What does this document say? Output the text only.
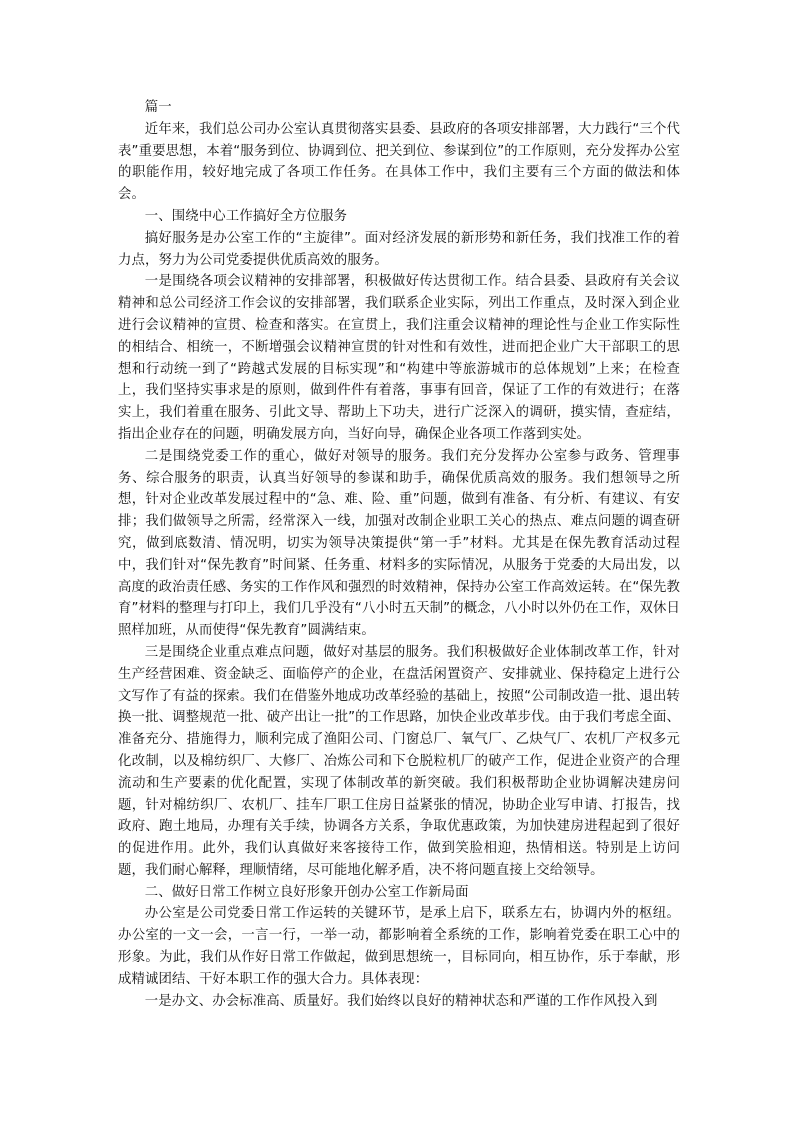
篇一

近年来，我们总公司办公室认真贯彻落实县委、县政府的各项安排部署，大力践行“三个代表”重要思想，本着“服务到位、协调到位、把关到位、参谋到位”的工作原则，充分发挥办公室的职能作用，较好地完成了各项工作任务。在具体工作中，我们主要有三个方面的做法和体会。

一、围绕中心工作搞好全方位服务

搞好服务是办公室工作的“主旋律”。面对经济发展的新形势和新任务，我们找准工作的着力点，努力为公司党委提供优质高效的服务。

一是围绕各项会议精神的安排部署，积极做好传达贯彻工作。结合县委、县政府有关会议精神和总公司经济工作会议的安排部署，我们联系企业实际，列出工作重点，及时深入到企业进行会议精神的宣贯、检查和落实。在宣贯上，我们注重会议精神的理论性与企业工作实际性的相结合、相统一，不断增强会议精神宣贯的针对性和有效性，进而把企业广大干部职工的思想和行动统一到了“跨越式发展的目标实现”和“构建中等旅游城市的总体规划”上来；在检查上，我们坚持实事求是的原则，做到件件有着落，事事有回音，保证了工作的有效进行；在落实上，我们着重在服务、引此文导、帮助上下功夫，进行广泛深入的调研，摸实情，查症结，指出企业存在的问题，明确发展方向，当好向导，确保企业各项工作落到实处。

二是围绕党委工作的重心，做好对领导的服务。我们充分发挥办公室参与政务、管理事务、综合服务的职责，认真当好领导的参谋和助手，确保优质高效的服务。我们想领导之所想，针对企业改革发展过程中的“急、难、险、重”问题，做到有准备、有分析、有建议、有安排；我们做领导之所需，经常深入一线，加强对改制企业职工关心的热点、难点问题的调查研究，做到底数清、情况明，切实为领导决策提供“第一手”材料。尤其是在保先教育活动过程中，我们针对“保先教育”时间紧、任务重、材料多的实际情况，从服务于党委的大局出发，以高度的政治责任感、务实的工作作风和强烈的时效精神，保持办公室工作高效运转。在“保先教育”材料的整理与打印上，我们几乎没有“八小时五天制”的概念，八小时以外仍在工作，双休日照样加班，从而使得“保先教育”圆满结束。

三是围绕企业重点难点问题，做好对基层的服务。我们积极做好企业体制改革工作，针对生产经营困难、资金缺乏、面临停产的企业，在盘活闲置资产、安排就业、保持稳定上进行公文写作了有益的探索。我们在借鉴外地成功改革经验的基础上，按照“公司制改造一批、退出转换一批、调整规范一批、破产出让一批”的工作思路，加快企业改革步伐。由于我们考虑全面、准备充分、措施得力，顺利完成了渔阳公司、门窗总厂、氧气厂、乙炔气厂、农机厂产权多元化改制，以及棉纺织厂、大修厂、冶炼公司和下仓脱粒机厂的破产工作，促进企业资产的合理流动和生产要素的优化配置，实现了体制改革的新突破。我们积极帮助企业协调解决建房问题，针对棉纺织厂、农机厂、挂车厂职工住房日益紧张的情况，协助企业写申请、打报告，找政府、跑土地局，办理有关手续，协调各方关系，争取优惠政策，为加快建房进程起到了很好的促进作用。此外，我们认真做好来客接待工作，做到笑脸相迎，热情相送。特别是上访问题，我们耐心解释，理顺情绪，尽可能地化解矛盾，决不将问题直接上交给领导。

二、做好日常工作树立良好形象开创办公室工作新局面

办公室是公司党委日常工作运转的关键环节，是承上启下，联系左右，协调内外的枢纽。办公室的一文一会，一言一行，一举一动，都影响着全系统的工作，影响着党委在职工心中的形象。为此，我们从作好日常工作做起，做到思想统一，目标同向，相互协作，乐于奉献，形成精诚团结、干好本职工作的强大合力。具体表现：

一是办文、办会标准高、质量好。我们始终以良好的精神状态和严谨的工作作风投入到
